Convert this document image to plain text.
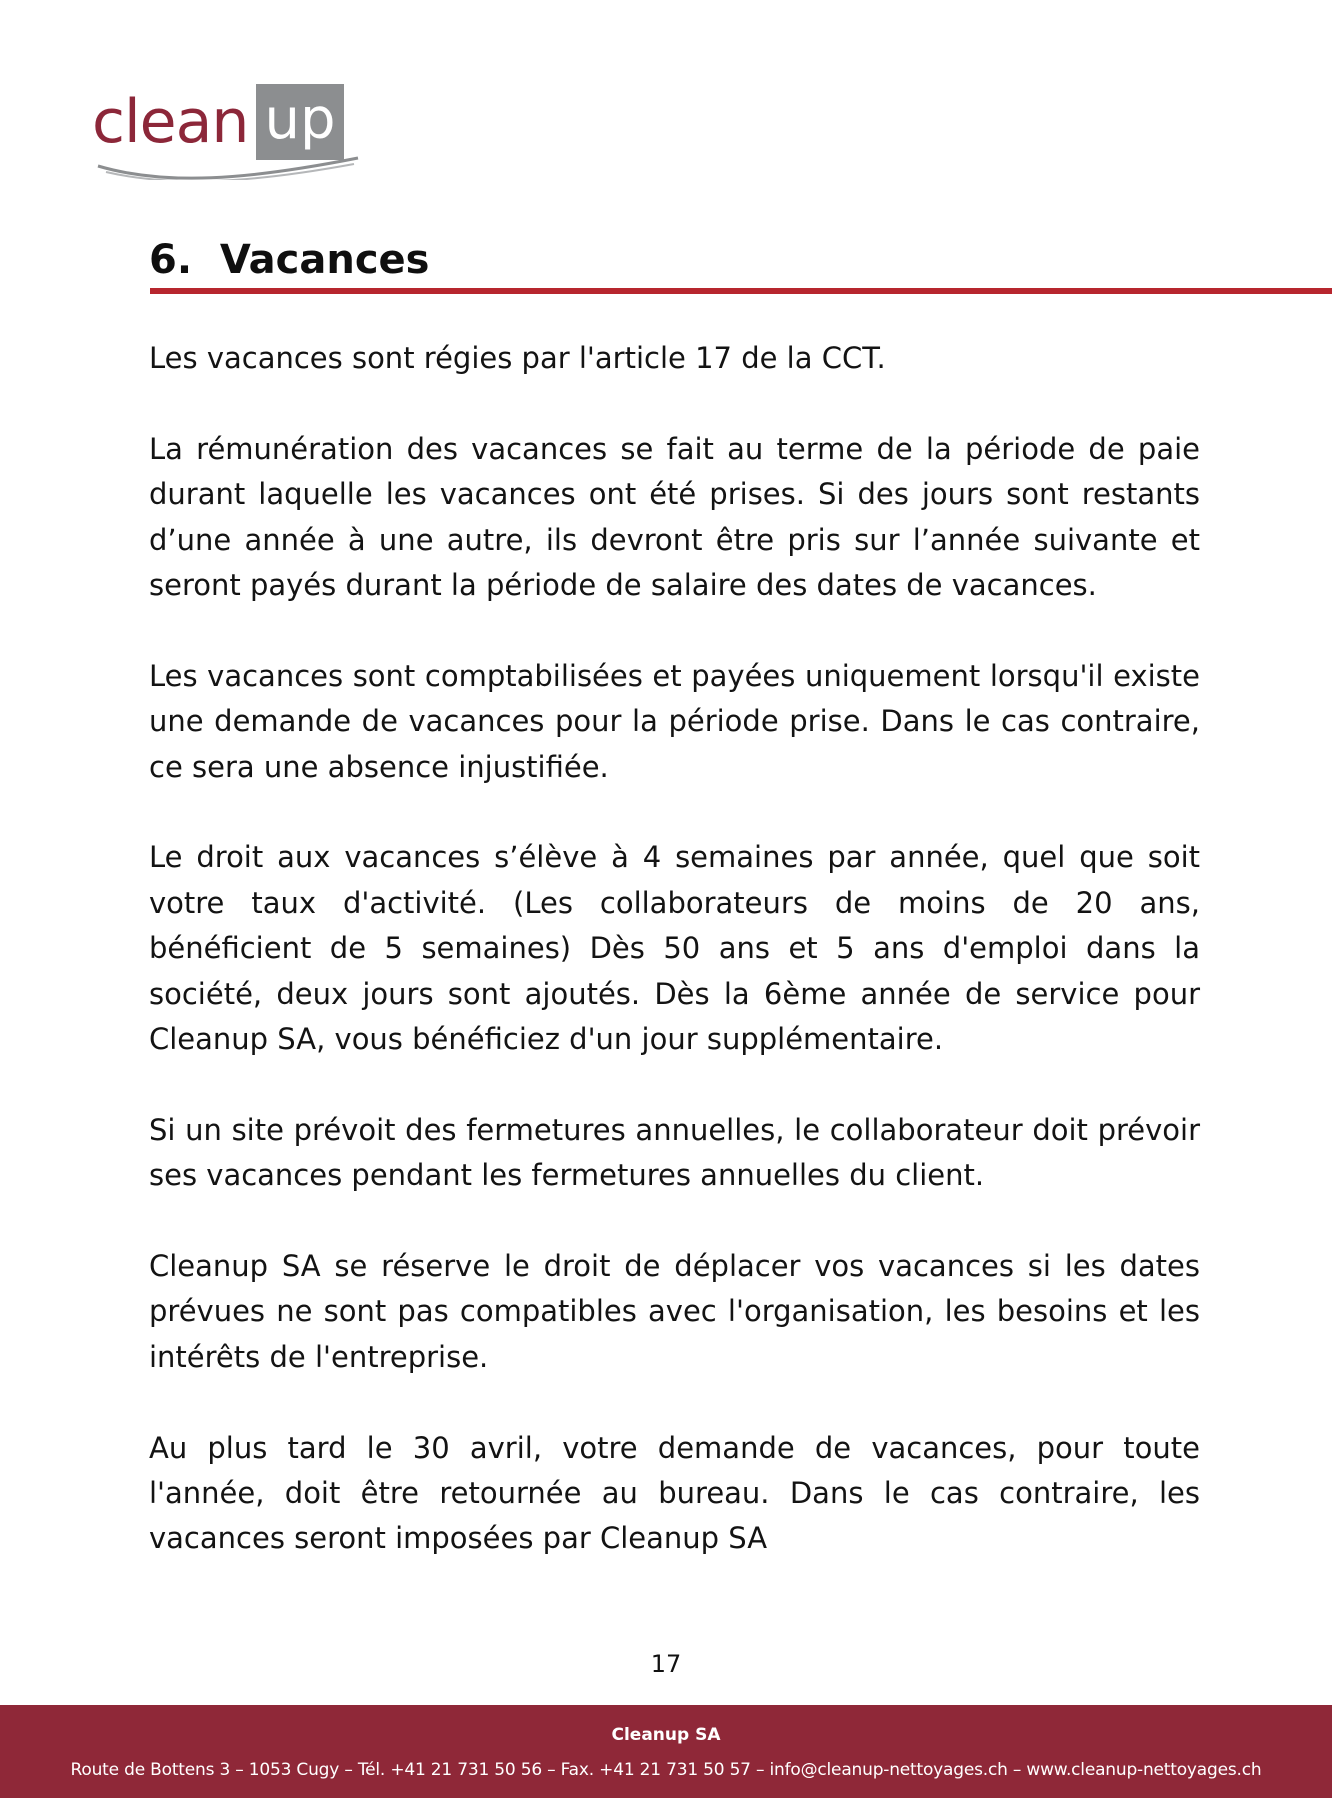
clean up
6.  Vacances

Les vacances sont régies par l'article 17 de la CCT.

La rémunération des vacances se fait au terme de la période de paie durant laquelle les vacances ont été prises. Si des jours sont restants d’une année à une autre, ils devront être pris sur l’année suivante et seront payés durant la période de salaire des dates de vacances.

Les vacances sont comptabilisées et payées uniquement lorsqu'il existe une demande de vacances pour la période prise. Dans le cas contraire, ce sera une absence injustifiée.

Le droit aux vacances s’élève à 4 semaines par année, quel que soit votre taux d'activité. (Les collaborateurs de moins de 20 ans, bénéficient de 5 semaines) Dès 50 ans et 5 ans d'emploi dans la société, deux jours sont ajoutés. Dès la 6ème année de service pour Cleanup SA, vous bénéficiez d'un jour supplémentaire.

Si un site prévoit des fermetures annuelles, le collaborateur doit prévoir ses vacances pendant les fermetures annuelles du client.

Cleanup SA se réserve le droit de déplacer vos vacances si les dates prévues ne sont pas compatibles avec l'organisation, les besoins et les intérêts de l'entreprise.

Au plus tard le 30 avril, votre demande de vacances, pour toute l'année, doit être retournée au bureau. Dans le cas contraire, les vacances seront imposées par Cleanup SA

17
Cleanup SA
Route de Bottens 3 – 1053 Cugy – Tél. +41 21 731 50 56 – Fax. +41 21 731 50 57 – info@cleanup-nettoyages.ch – www.cleanup-nettoyages.ch
